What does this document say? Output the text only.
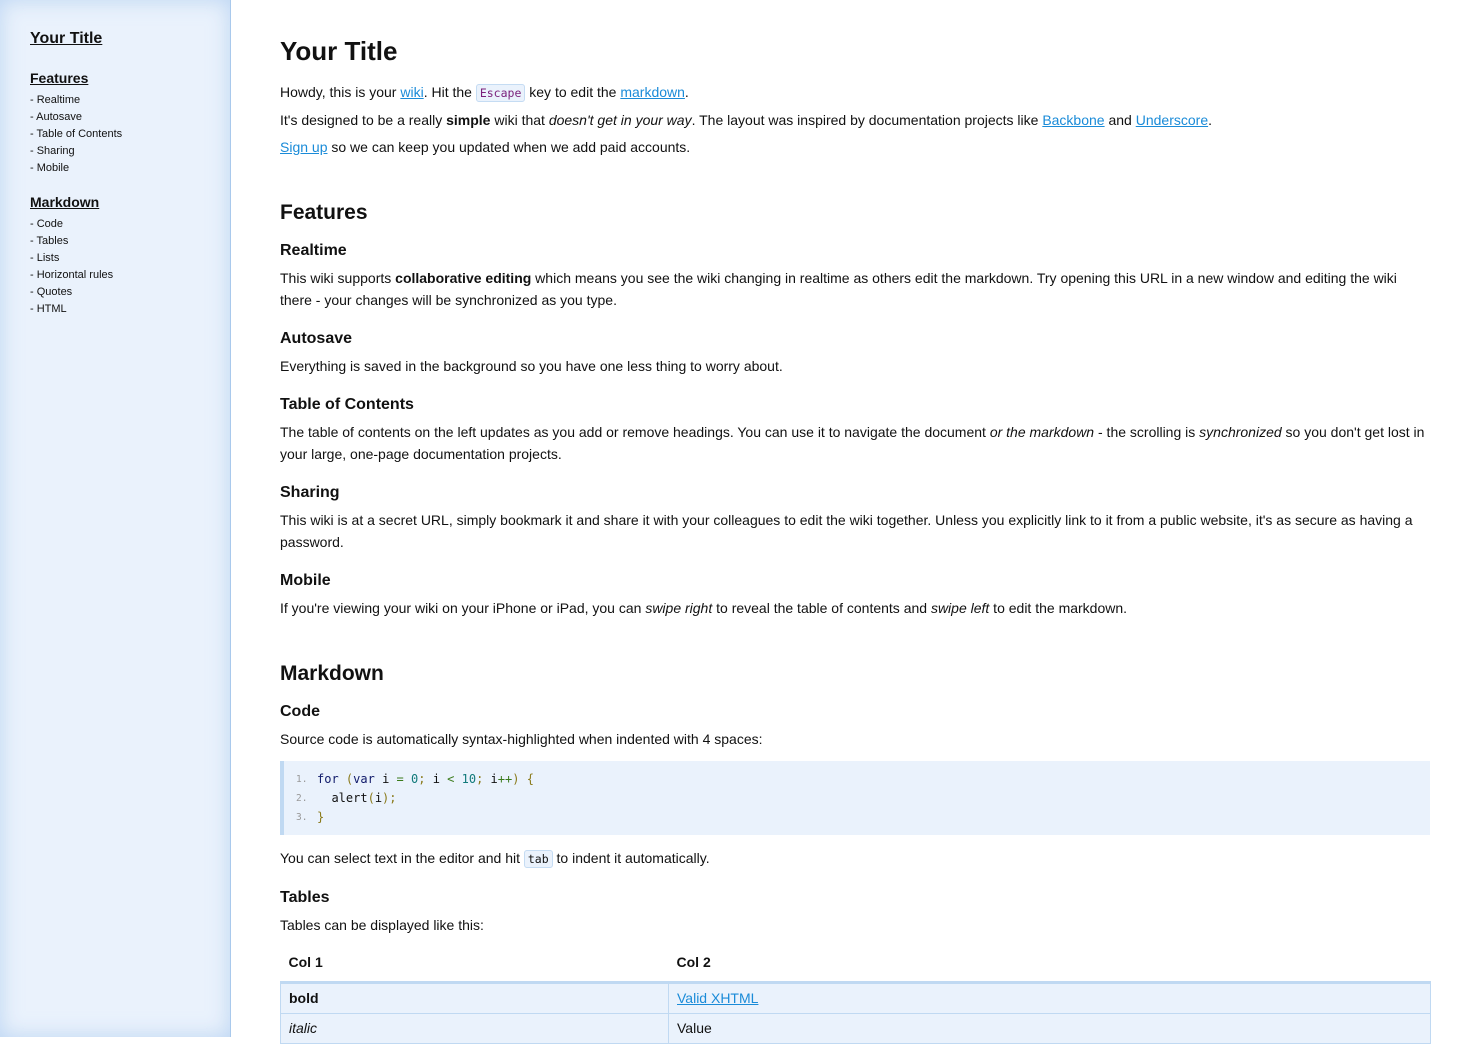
Your Title
Features
- Realtime
- Autosave
- Table of Contents
- Sharing
- Mobile
Markdown
- Code
- Tables
- Lists
- Horizontal rules
- Quotes
- HTML
Your Title

Howdy, this is your wiki. Hit the Escape key to edit the markdown.

It's designed to be a really simple wiki that doesn't get in your way. The layout was inspired by documentation projects like Backbone and Underscore.

Sign up so we can keep you updated when we add paid accounts.

Features
Realtime

This wiki supports collaborative editing which means you see the wiki changing in realtime as others edit the markdown. Try opening this URL in a new window and editing the wiki there - your changes will be synchronized as you type.

Autosave

Everything is saved in the background so you have one less thing to worry about.

Table of Contents

The table of contents on the left updates as you add or remove headings. You can use it to navigate the document or the markdown - the scrolling is synchronized so you don't get lost in your large, one-page documentation projects.

Sharing

This wiki is at a secret URL, simply bookmark it and share it with your colleagues to edit the wiki together. Unless you explicitly link to it from a public website, it's as secure as having a password.

Mobile

If you're viewing your wiki on your iPhone or iPad, you can swipe right to reveal the table of contents and swipe left to edit the markdown.

Markdown
Code

Source code is automatically syntax-highlighted when indented with 4 spaces:

1. for (var i = 0; i < 10; i++) {
2. alert(i);
3. }

You can select text in the editor and hit tab to indent it automatically.

Tables

Tables can be displayed like this:

Col 1	Col 2
bold	Valid XHTML
italic	Value
